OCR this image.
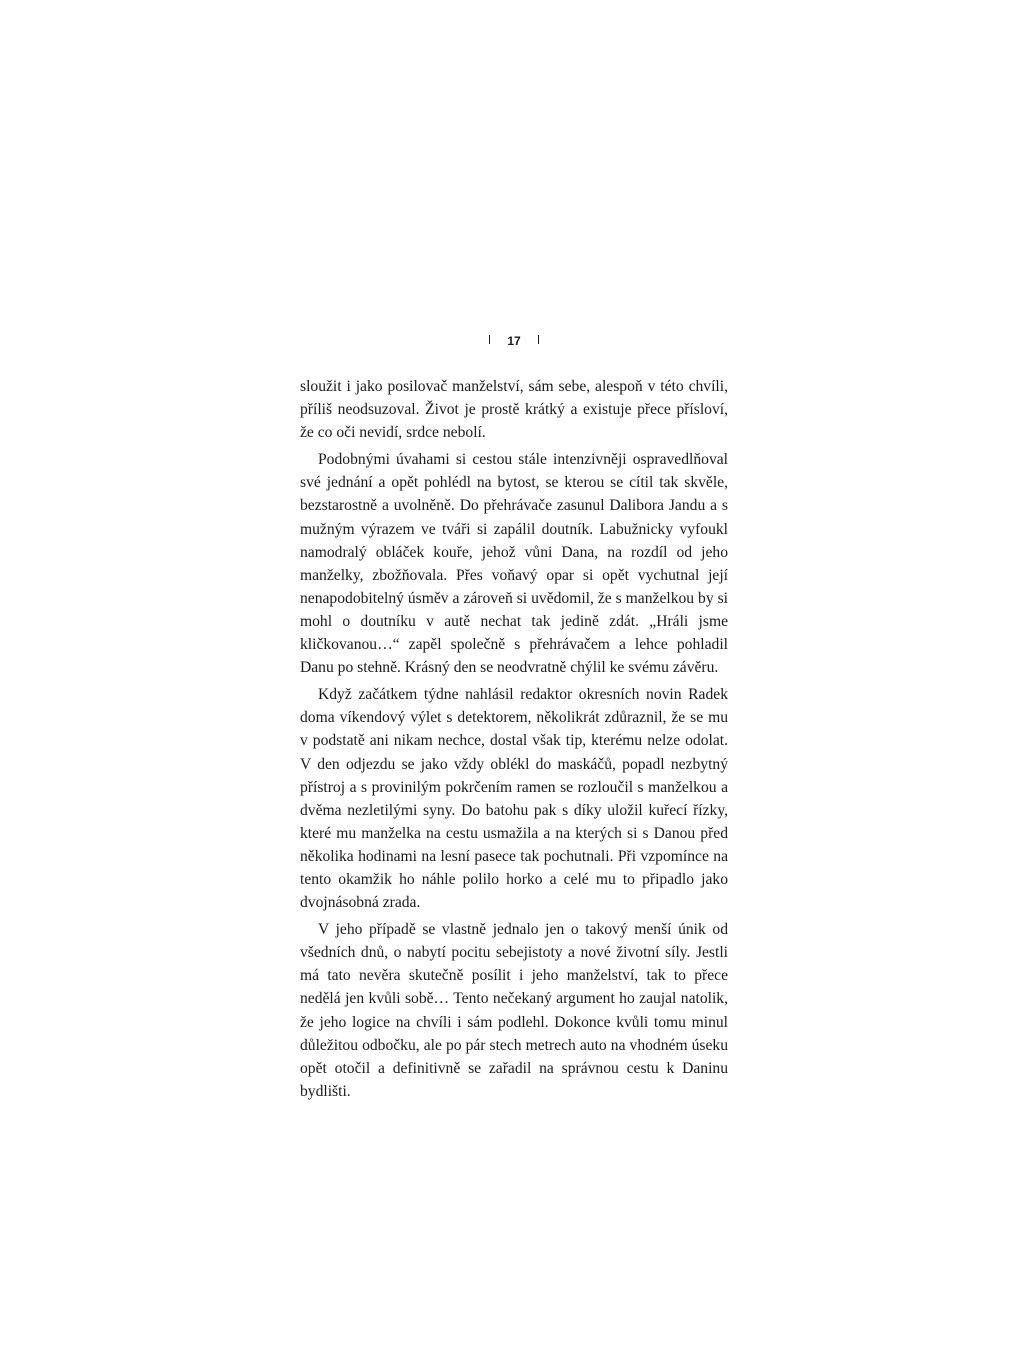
17

sloužit i jako posilovač manželství, sám sebe, alespoň v této chvíli, příliš neodsuzoval. Život je prostě krátký a existuje přece přísloví, že co oči nevidí, srdce nebolí.

Podobnými úvahami si cestou stále intenzivněji ospravedlňoval své jednání a opět pohlédl na bytost, se kterou se cítil tak skvěle, bezstarostně a uvolněně. Do přehrávače zasunul Dalibora Jandu a s mužným výrazem ve tváři si zapálil doutník. Labužnicky vyfoukl namodralý obláček kouře, jehož vůni Dana, na rozdíl od jeho manželky, zbožňovala. Přes voňavý opar si opět vychutnal její nenapodobitelný úsměv a zároveň si uvědomil, že s manželkou by si mohl o doutníku v autě nechat tak jedině zdát. „Hráli jsme kličkovanou…“ zapěl společně s přehrávačem a lehce pohladil Danu po stehně. Krásný den se neodvratně chýlil ke svému závěru.

Když začátkem týdne nahlásil redaktor okresních novin Radek doma víkendový výlet s detektorem, několikrát zdůraznil, že se mu v podstatě ani nikam nechce, dostal však tip, kterému nelze odolat. V den odjezdu se jako vždy oblékl do maskáčů, popadl nezbytný přístroj a s provinilým pokrčením ramen se rozloučil s manželkou a dvěma nezletilými syny. Do batohu pak s díky uložil kuřecí řízky, které mu manželka na cestu usmažila a na kterých si s Danou před několika hodinami na lesní pasece tak pochutnali. Při vzpomínce na tento okamžik ho náhle polilo horko a celé mu to připadlo jako dvojnásobná zrada.

V jeho případě se vlastně jednalo jen o takový menší únik od všedních dnů, o nabytí pocitu sebejistoty a nové životní síly. Jestli má tato nevěra skutečně posílit i jeho manželství, tak to přece nedělá jen kvůli sobě… Tento nečekaný argument ho zaujal natolik, že jeho logice na chvíli i sám podlehl. Dokonce kvůli tomu minul důležitou odbočku, ale po pár stech metrech auto na vhodném úseku opět otočil a definitivně se zařadil na správnou cestu k Daninu bydlišti.
